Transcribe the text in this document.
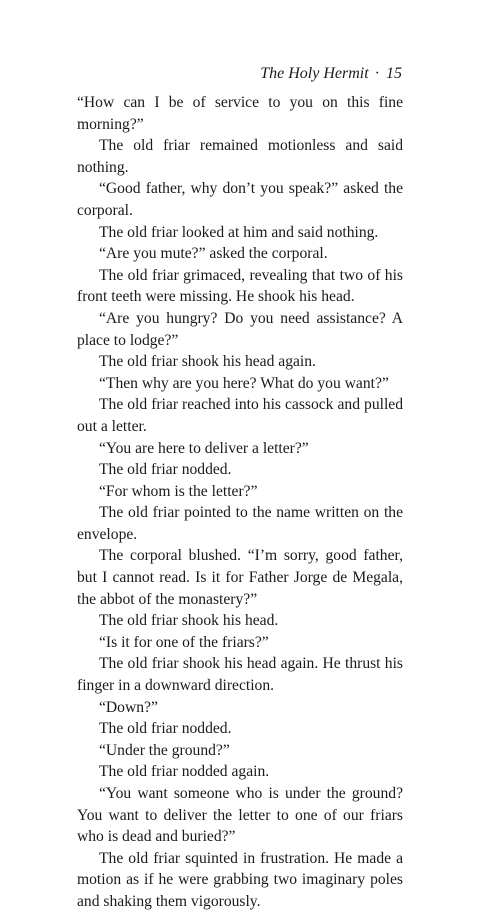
The Holy Hermit · 15

“How can I be of service to you on this fine morning?”

The old friar remained motionless and said nothing.

“Good father, why don’t you speak?” asked the corporal.

The old friar looked at him and said nothing.

“Are you mute?” asked the corporal.

The old friar grimaced, revealing that two of his front teeth were missing. He shook his head.

“Are you hungry? Do you need assistance? A place to lodge?”

The old friar shook his head again.

“Then why are you here? What do you want?”

The old friar reached into his cassock and pulled out a letter.

“You are here to deliver a letter?”

The old friar nodded.

“For whom is the letter?”

The old friar pointed to the name written on the envelope.

The corporal blushed. “I’m sorry, good father, but I cannot read. Is it for Father Jorge de Megala, the abbot of the monastery?”

The old friar shook his head.

“Is it for one of the friars?”

The old friar shook his head again. He thrust his finger in a downward direction.

“Down?”

The old friar nodded.

“Under the ground?”

The old friar nodded again.

“You want someone who is under the ground? You want to deliver the letter to one of our friars who is dead and buried?”

The old friar squinted in frustration. He made a motion as if he were grabbing two imaginary poles and shaking them vigorously.
